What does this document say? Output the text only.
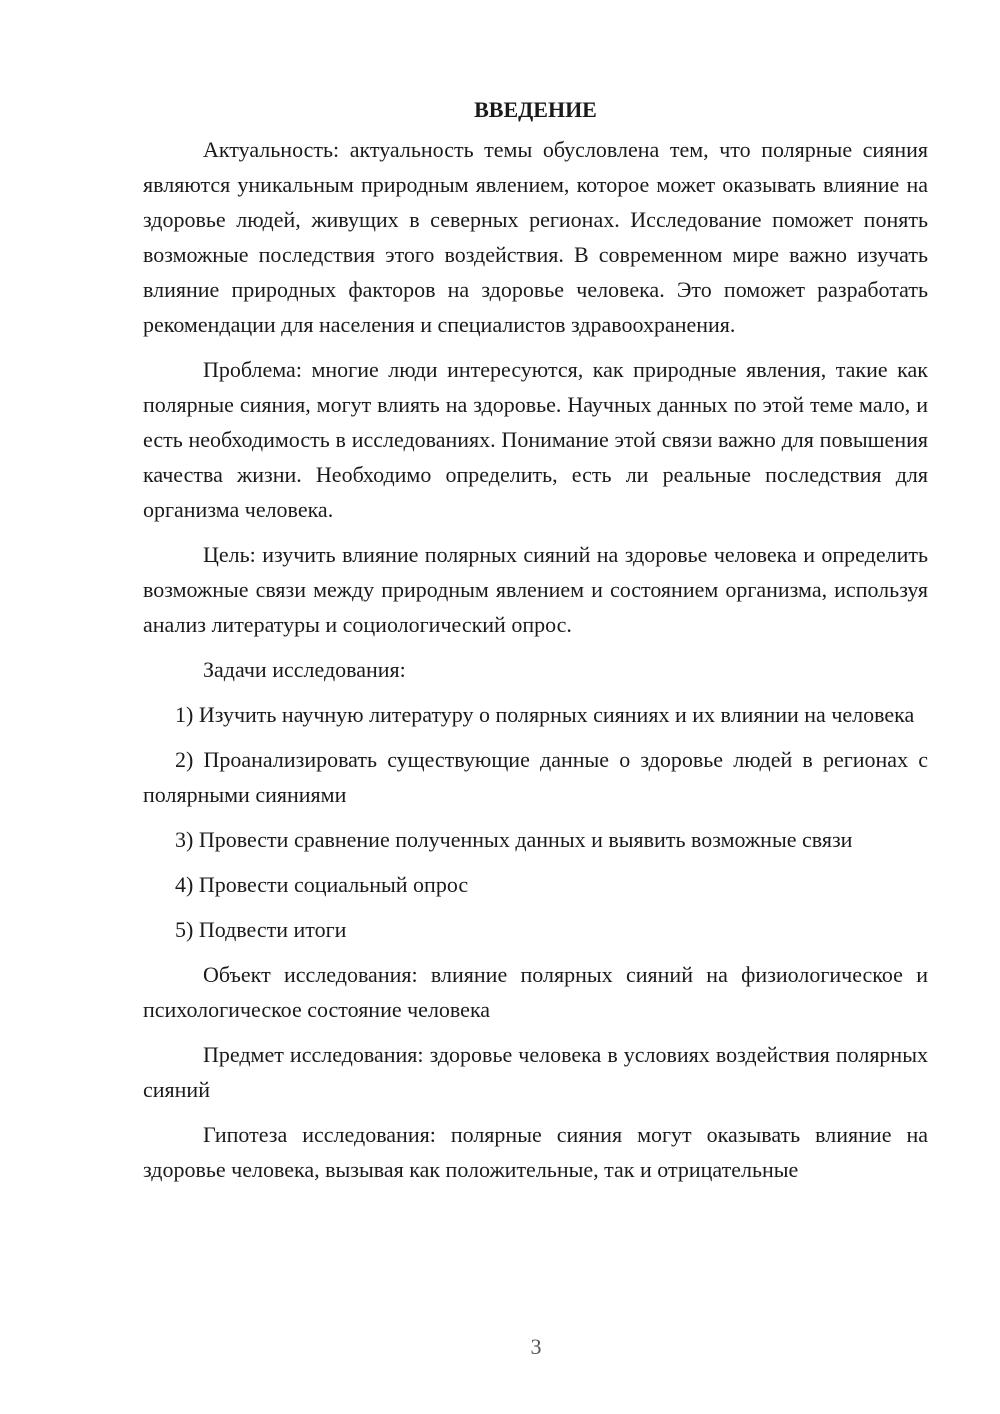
ВВЕДЕНИЕ

Актуальность: актуальность темы обусловлена тем, что полярные сияния являются уникальным природным явлением, которое может оказывать влияние на здоровье людей, живущих в северных регионах. Исследование поможет понять возможные последствия этого воздействия. В современном мире важно изучать влияние природных факторов на здоровье человека. Это поможет разработать рекомендации для населения и специалистов здравоохранения.

Проблема: многие люди интересуются, как природные явления, такие как полярные сияния, могут влиять на здоровье. Научных данных по этой теме мало, и есть необходимость в исследованиях. Понимание этой связи важно для повышения качества жизни. Необходимо определить, есть ли реальные последствия для организма человека.

Цель: изучить влияние полярных сияний на здоровье человека и определить возможные связи между природным явлением и состоянием организма, используя анализ литературы и социологический опрос.

Задачи исследования:

1) Изучить научную литературу о полярных сияниях и их влиянии на человека

2) Проанализировать существующие данные о здоровье людей в регионах с полярными сияниями

3) Провести сравнение полученных данных и выявить возможные связи

4) Провести социальный опрос

5) Подвести итоги

Объект исследования: влияние полярных сияний на физиологическое и психологическое состояние человека

Предмет исследования: здоровье человека в условиях воздействия полярных сияний

Гипотеза исследования: полярные сияния могут оказывать влияние на здоровье человека, вызывая как положительные, так и отрицательные

3
